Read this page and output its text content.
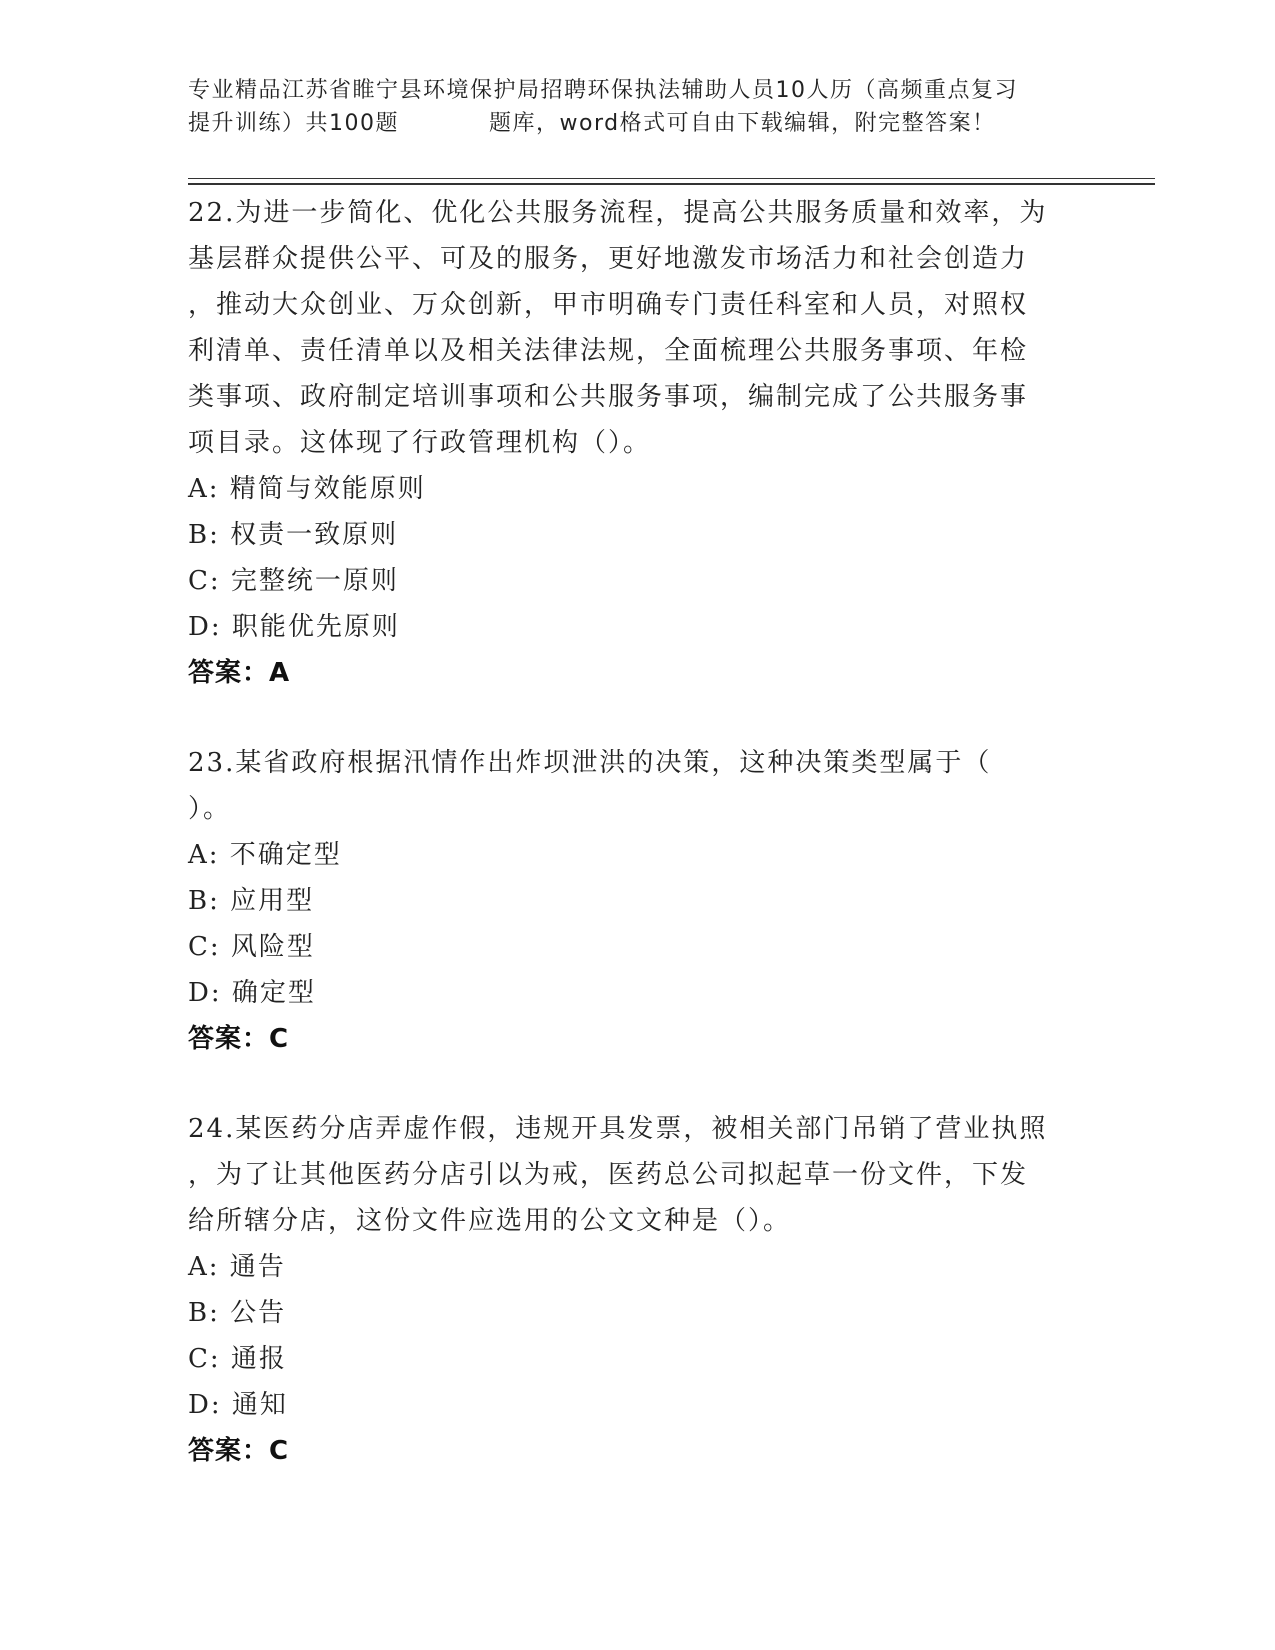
专业精品江苏省睢宁县环境保护局招聘环保执法辅助人员10人历（高频重点复习
提升训练）共100题	题库，word格式可自由下载编辑，附完整答案！
22.为进一步简化、优化公共服务流程，提高公共服务质量和效率，为
基层群众提供公平、可及的服务，更好地激发市场活力和社会创造力
，推动大众创业、万众创新，甲市明确专门责任科室和人员，对照权
利清单、责任清单以及相关法律法规，全面梳理公共服务事项、年检
类事项、政府制定培训事项和公共服务事项，编制完成了公共服务事
项目录。这体现了行政管理机构（）。
A: 精简与效能原则
B: 权责一致原则
C: 完整统一原则
D: 职能优先原则
答案：A
23.某省政府根据汛情作出炸坝泄洪的决策，这种决策类型属于（
）。
A: 不确定型
B: 应用型
C: 风险型
D: 确定型
答案：C
24.某医药分店弄虚作假，违规开具发票，被相关部门吊销了营业执照
，为了让其他医药分店引以为戒，医药总公司拟起草一份文件，下发
给所辖分店，这份文件应选用的公文文种是（）。
A: 通告
B: 公告
C: 通报
D: 通知
答案：C
